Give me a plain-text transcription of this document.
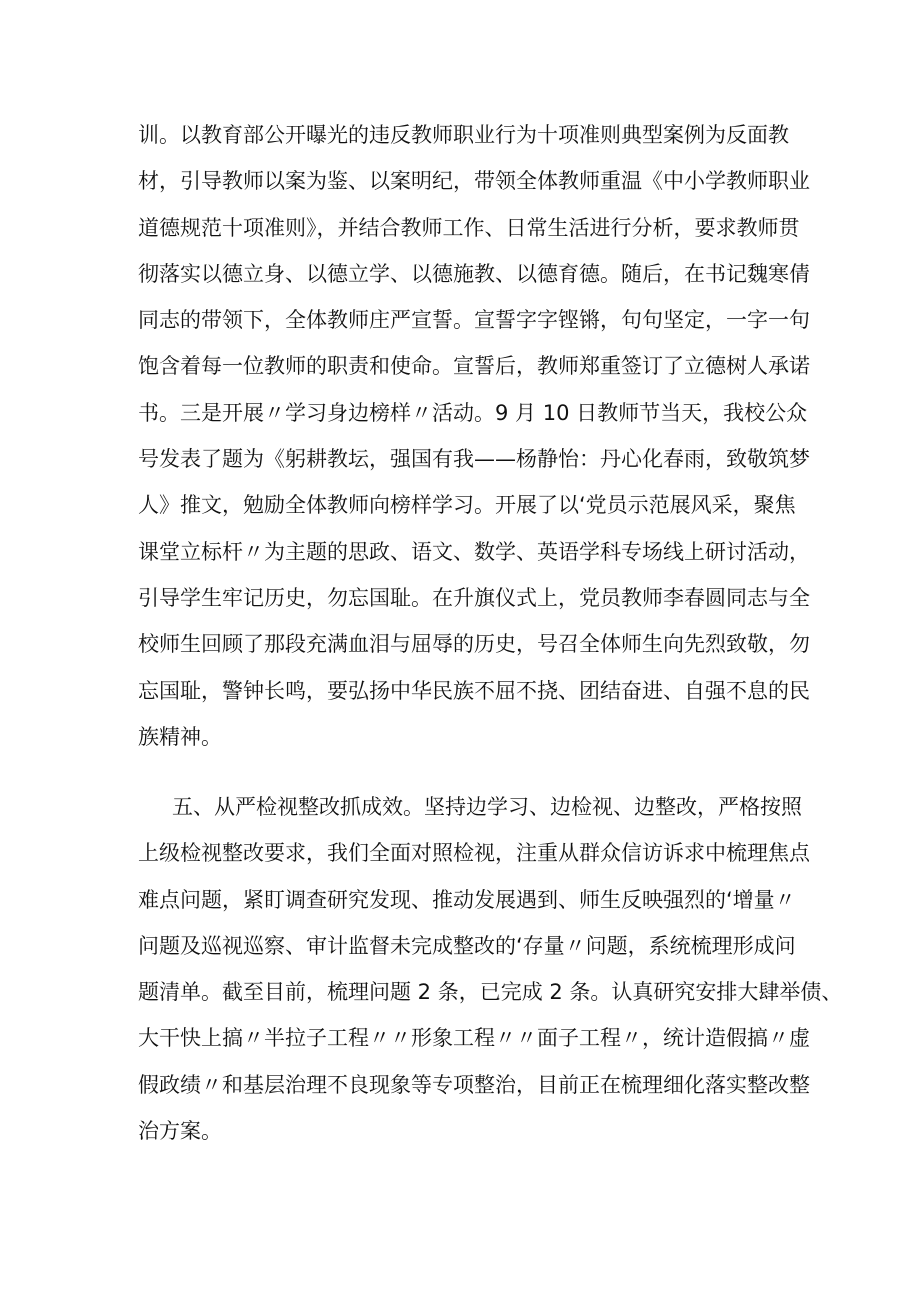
训。以教育部公开曝光的违反教师职业行为十项准则典型案例为反面教
材，引导教师以案为鉴、以案明纪，带领全体教师重温《中小学教师职业
道德规范十项准则》，并结合教师工作、日常生活进行分析，要求教师贯
彻落实以德立身、以德立学、以德施教、以德育德。随后，在书记魏寒倩
同志的带领下，全体教师庄严宣誓。宣誓字字铿锵，句句坚定，一字一句
饱含着每一位教师的职责和使命。宣誓后，教师郑重签订了立德树人承诺
书。三是开展〃学习身边榜样〃活动。9 月 10 日教师节当天，我校公众
号发表了题为《躬耕教坛，强国有我——杨静怡：丹心化春雨，致敬筑梦
人》推文，勉励全体教师向榜样学习。开展了以‘党员示范展风采，聚焦
课堂立标杆〃为主题的思政、语文、数学、英语学科专场线上研讨活动，
引导学生牢记历史，勿忘国耻。在升旗仪式上，党员教师李春圆同志与全
校师生回顾了那段充满血泪与屈辱的历史，号召全体师生向先烈致敬，勿
忘国耻，警钟长鸣，要弘扬中华民族不屈不挠、团结奋进、自强不息的民
族精神。
五、从严检视整改抓成效。坚持边学习、边检视、边整改，严格按照
上级检视整改要求，我们全面对照检视，注重从群众信访诉求中梳理焦点
难点问题，紧盯调查研究发现、推动发展遇到、师生反映强烈的‘增量〃
问题及巡视巡察、审计监督未完成整改的‘存量〃问题，系统梳理形成问
题清单。截至目前，梳理问题 2 条，已完成 2 条。认真研究安排大肆举债、
大干快上搞〃半拉子工程〃〃形象工程〃〃面子工程〃，统计造假搞〃虚
假政绩〃和基层治理不良现象等专项整治，目前正在梳理细化落实整改整
治方案。
